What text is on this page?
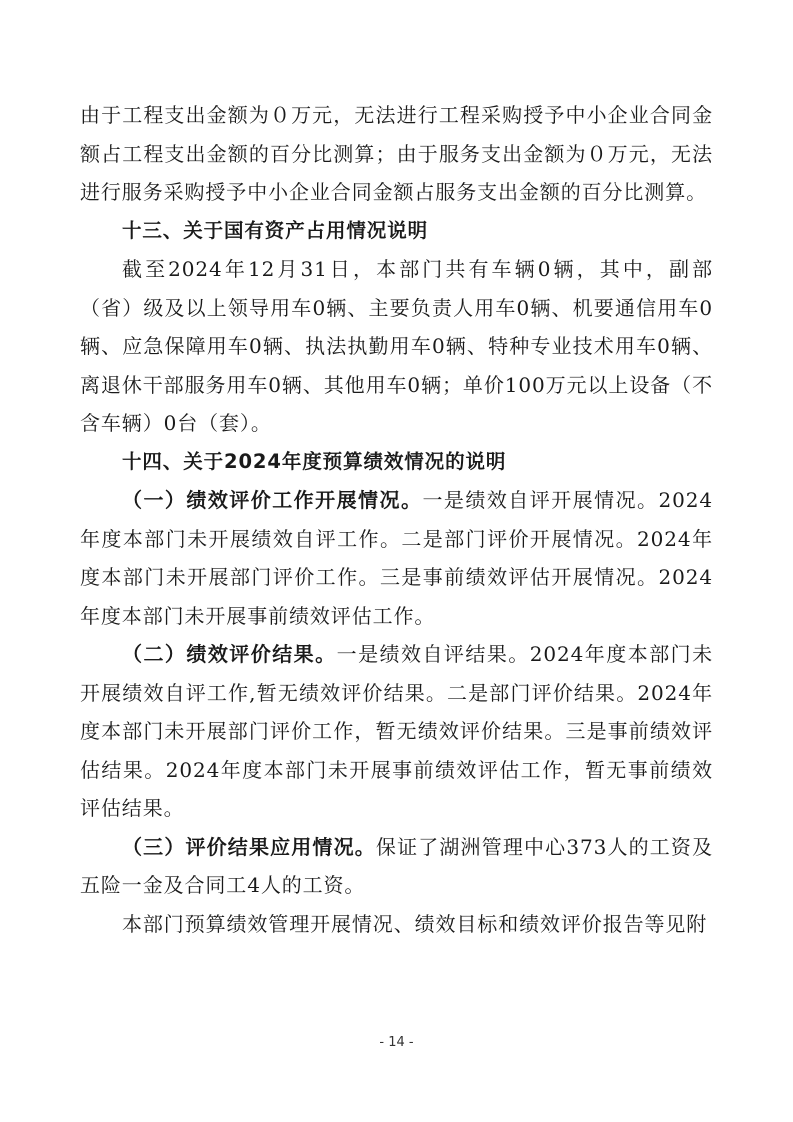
由于工程支出金额为０万元，无法进行工程采购授予中小企业合同金额占工程支出金额的百分比测算；由于服务支出金额为０万元，无法进行服务采购授予中小企业合同金额占服务支出金额的百分比测算。

十三、关于国有资产占用情况说明

截至2024年12月31日，本部门共有车辆0辆，其中，副部（省）级及以上领导用车0辆、主要负责人用车0辆、机要通信用车0辆、应急保障用车0辆、执法执勤用车0辆、特种专业技术用车0辆、离退休干部服务用车0辆、其他用车0辆；单价100万元以上设备（不含车辆）0台（套）。

十四、关于2024年度预算绩效情况的说明

（一）绩效评价工作开展情况。一是绩效自评开展情况。2024年度本部门未开展绩效自评工作。二是部门评价开展情况。2024年度本部门未开展部门评价工作。三是事前绩效评估开展情况。2024年度本部门未开展事前绩效评估工作。

（二）绩效评价结果。一是绩效自评结果。2024年度本部门未开展绩效自评工作,暂无绩效评价结果。二是部门评价结果。2024年度本部门未开展部门评价工作，暂无绩效评价结果。三是事前绩效评估结果。2024年度本部门未开展事前绩效评估工作，暂无事前绩效评估结果。

（三）评价结果应用情况。保证了湖洲管理中心373人的工资及五险一金及合同工4人的工资。

本部门预算绩效管理开展情况、绩效目标和绩效评价报告等见附

- 14 -
